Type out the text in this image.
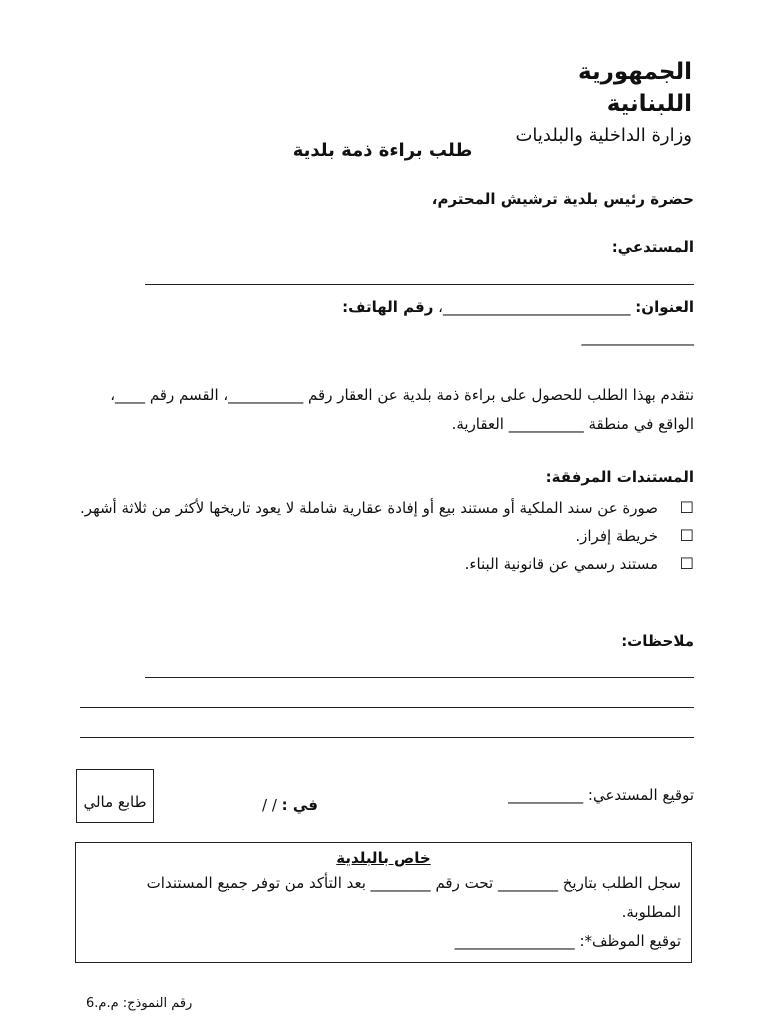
الجمهورية اللبنانية
وزارة الداخلية والبلديات
طلب براءة ذمة بلدية
حضرة رئيس بلدية ترشيش المحترم،
المستدعي:
العنوان: _________________________، رقم الهاتف:
_______________
نتقدم بهذا الطلب للحصول على براءة ذمة بلدية عن العقار رقم __________، القسم رقم ____، الواقع في منطقة __________ العقارية.
المستندات المرفقة:
☐
صورة عن سند الملكية أو مستند بيع أو إفادة عقارية شاملة لا يعود تاريخها لأكثر من ثلاثة أشهر.
☐
خريطة إفراز.
☐
مستند رسمي عن قانونية البناء.
ملاحظات:
توقيع المستدعي: __________
في : / /
طابع مالي
خاص بالبلدية
سجل الطلب بتاريخ ________ تحت رقم ________ بعد التأكد من توفر جميع المستندات المطلوبة.
توقيع الموظف*: ________________
رقم النموذج: م.م.6
